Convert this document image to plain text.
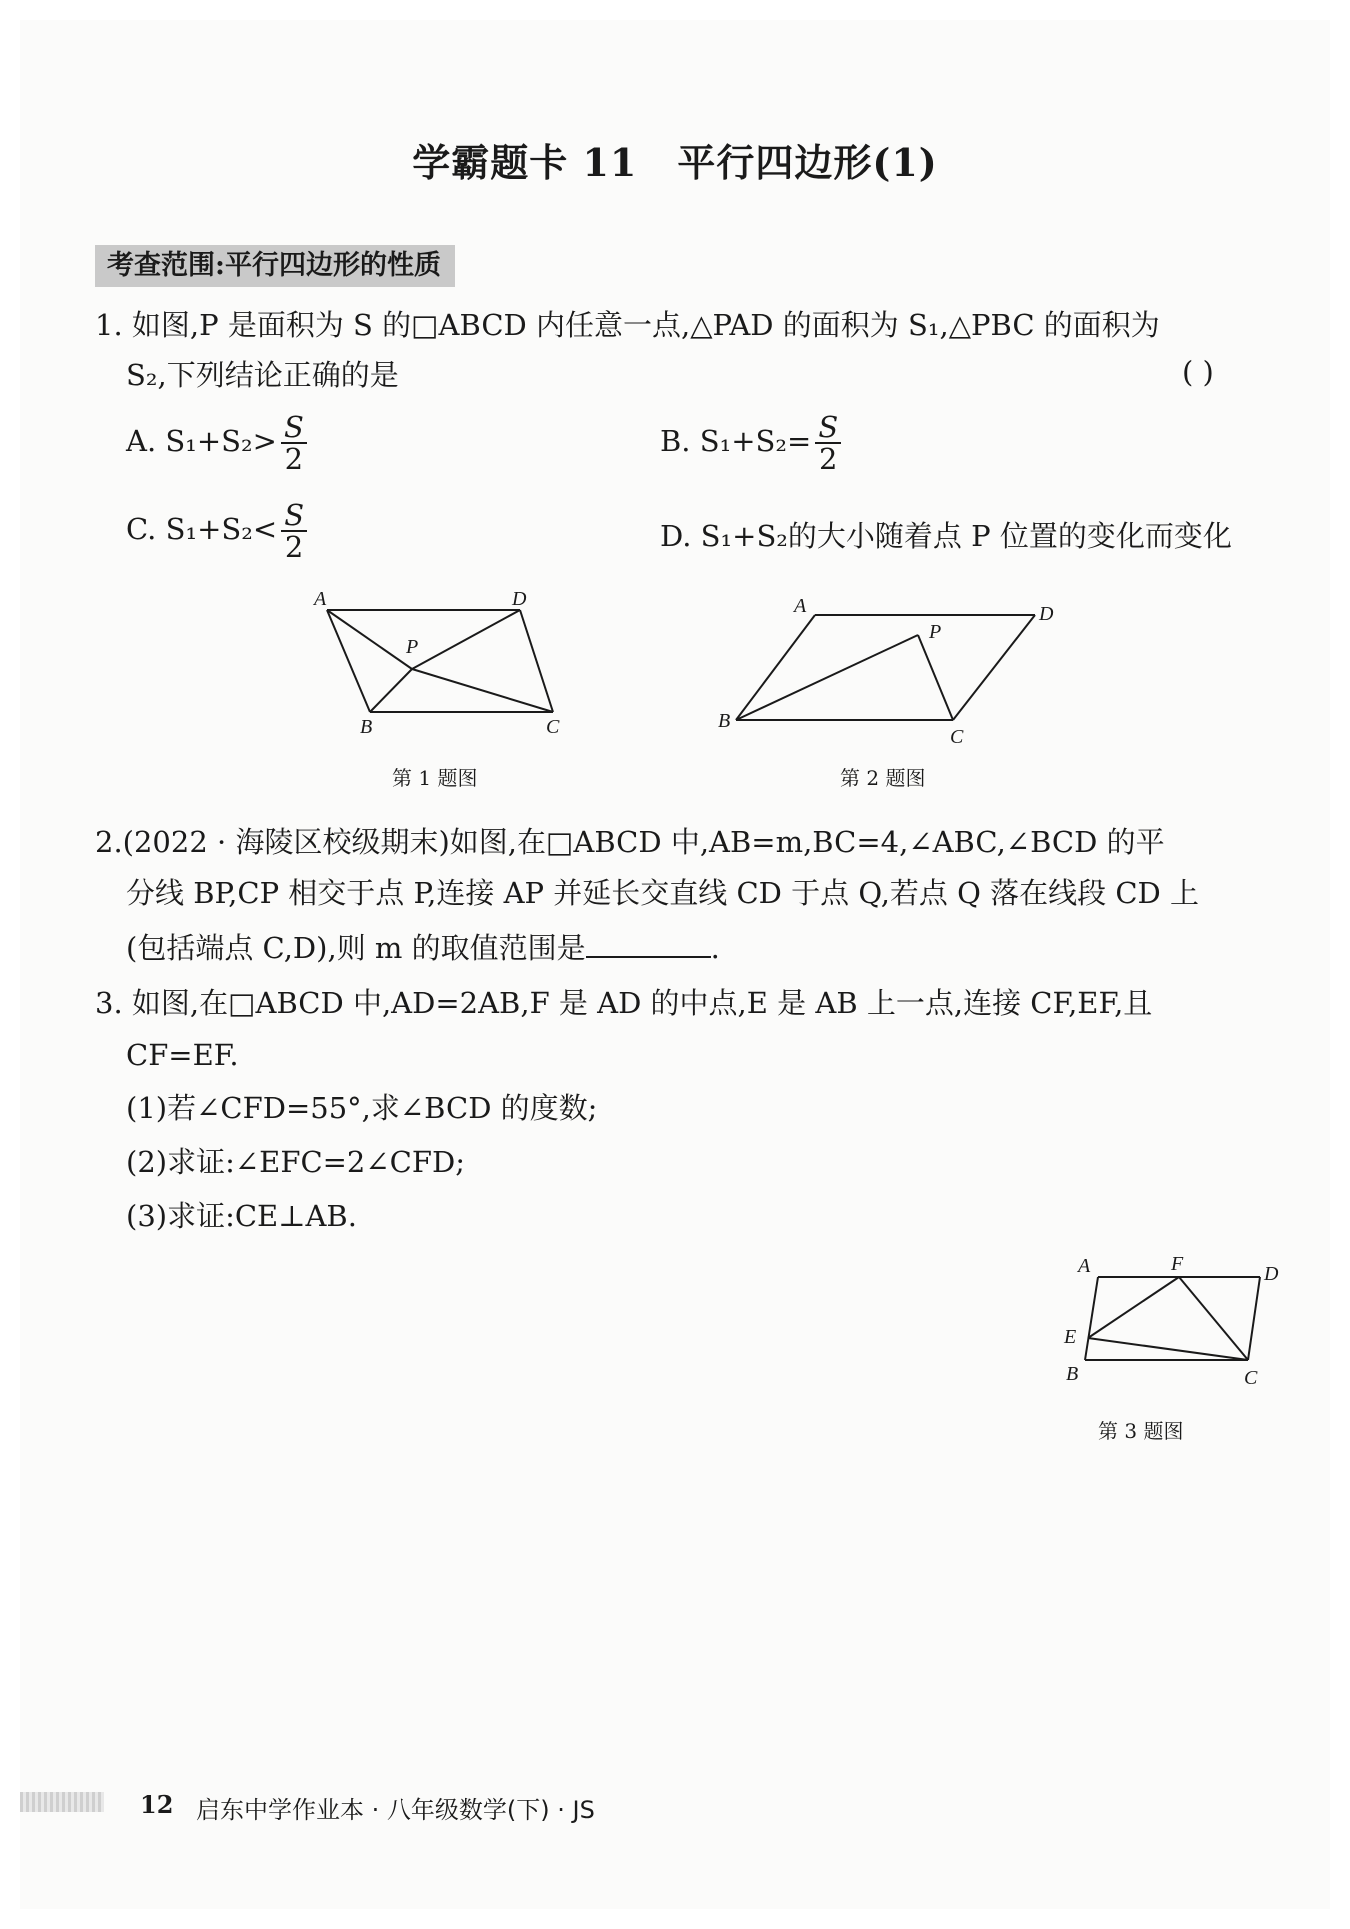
学霸题卡 11 平行四边形(1)
考查范围:平行四边形的性质
1. 如图,P 是面积为 S 的□ABCD 内任意一点,△PAD 的面积为 S₁,△PBC 的面积为
S₂,下列结论正确的是	( )
A. $S_1+S_2> \frac{S}{2}$	B. $S_1+S_2= \frac{S}{2}$
C. $S_1+S_2< \frac{S}{2}$	D. S₁+S₂的大小随着点 P 位置的变化而变化
A	D
P
B	C
第 1 题图
A	D
P
B
C
第 2 题图
2.(2022 · 海陵区校级期末)如图,在□ABCD 中,AB=m,BC=4,∠ABC,∠BCD 的平
分线 BP,CP 相交于点 P,连接 AP 并延长交直线 CD 于点 Q,若点 Q 落在线段 CD 上
(包括端点 C,D),则 m 的取值范围是	.
3. 如图,在□ABCD 中,AD=2AB,F 是 AD 的中点,E 是 AB 上一点,连接 CF,EF,且
CF=EF.
(1)若∠CFD=55°,求∠BCD 的度数;
(2)求证:∠EFC=2∠CFD;
(3)求证:CE⊥AB.
A	F	D
E
B	C
第 3 题图
12 启东中学作业本 · 八年级数学(下) · JS
